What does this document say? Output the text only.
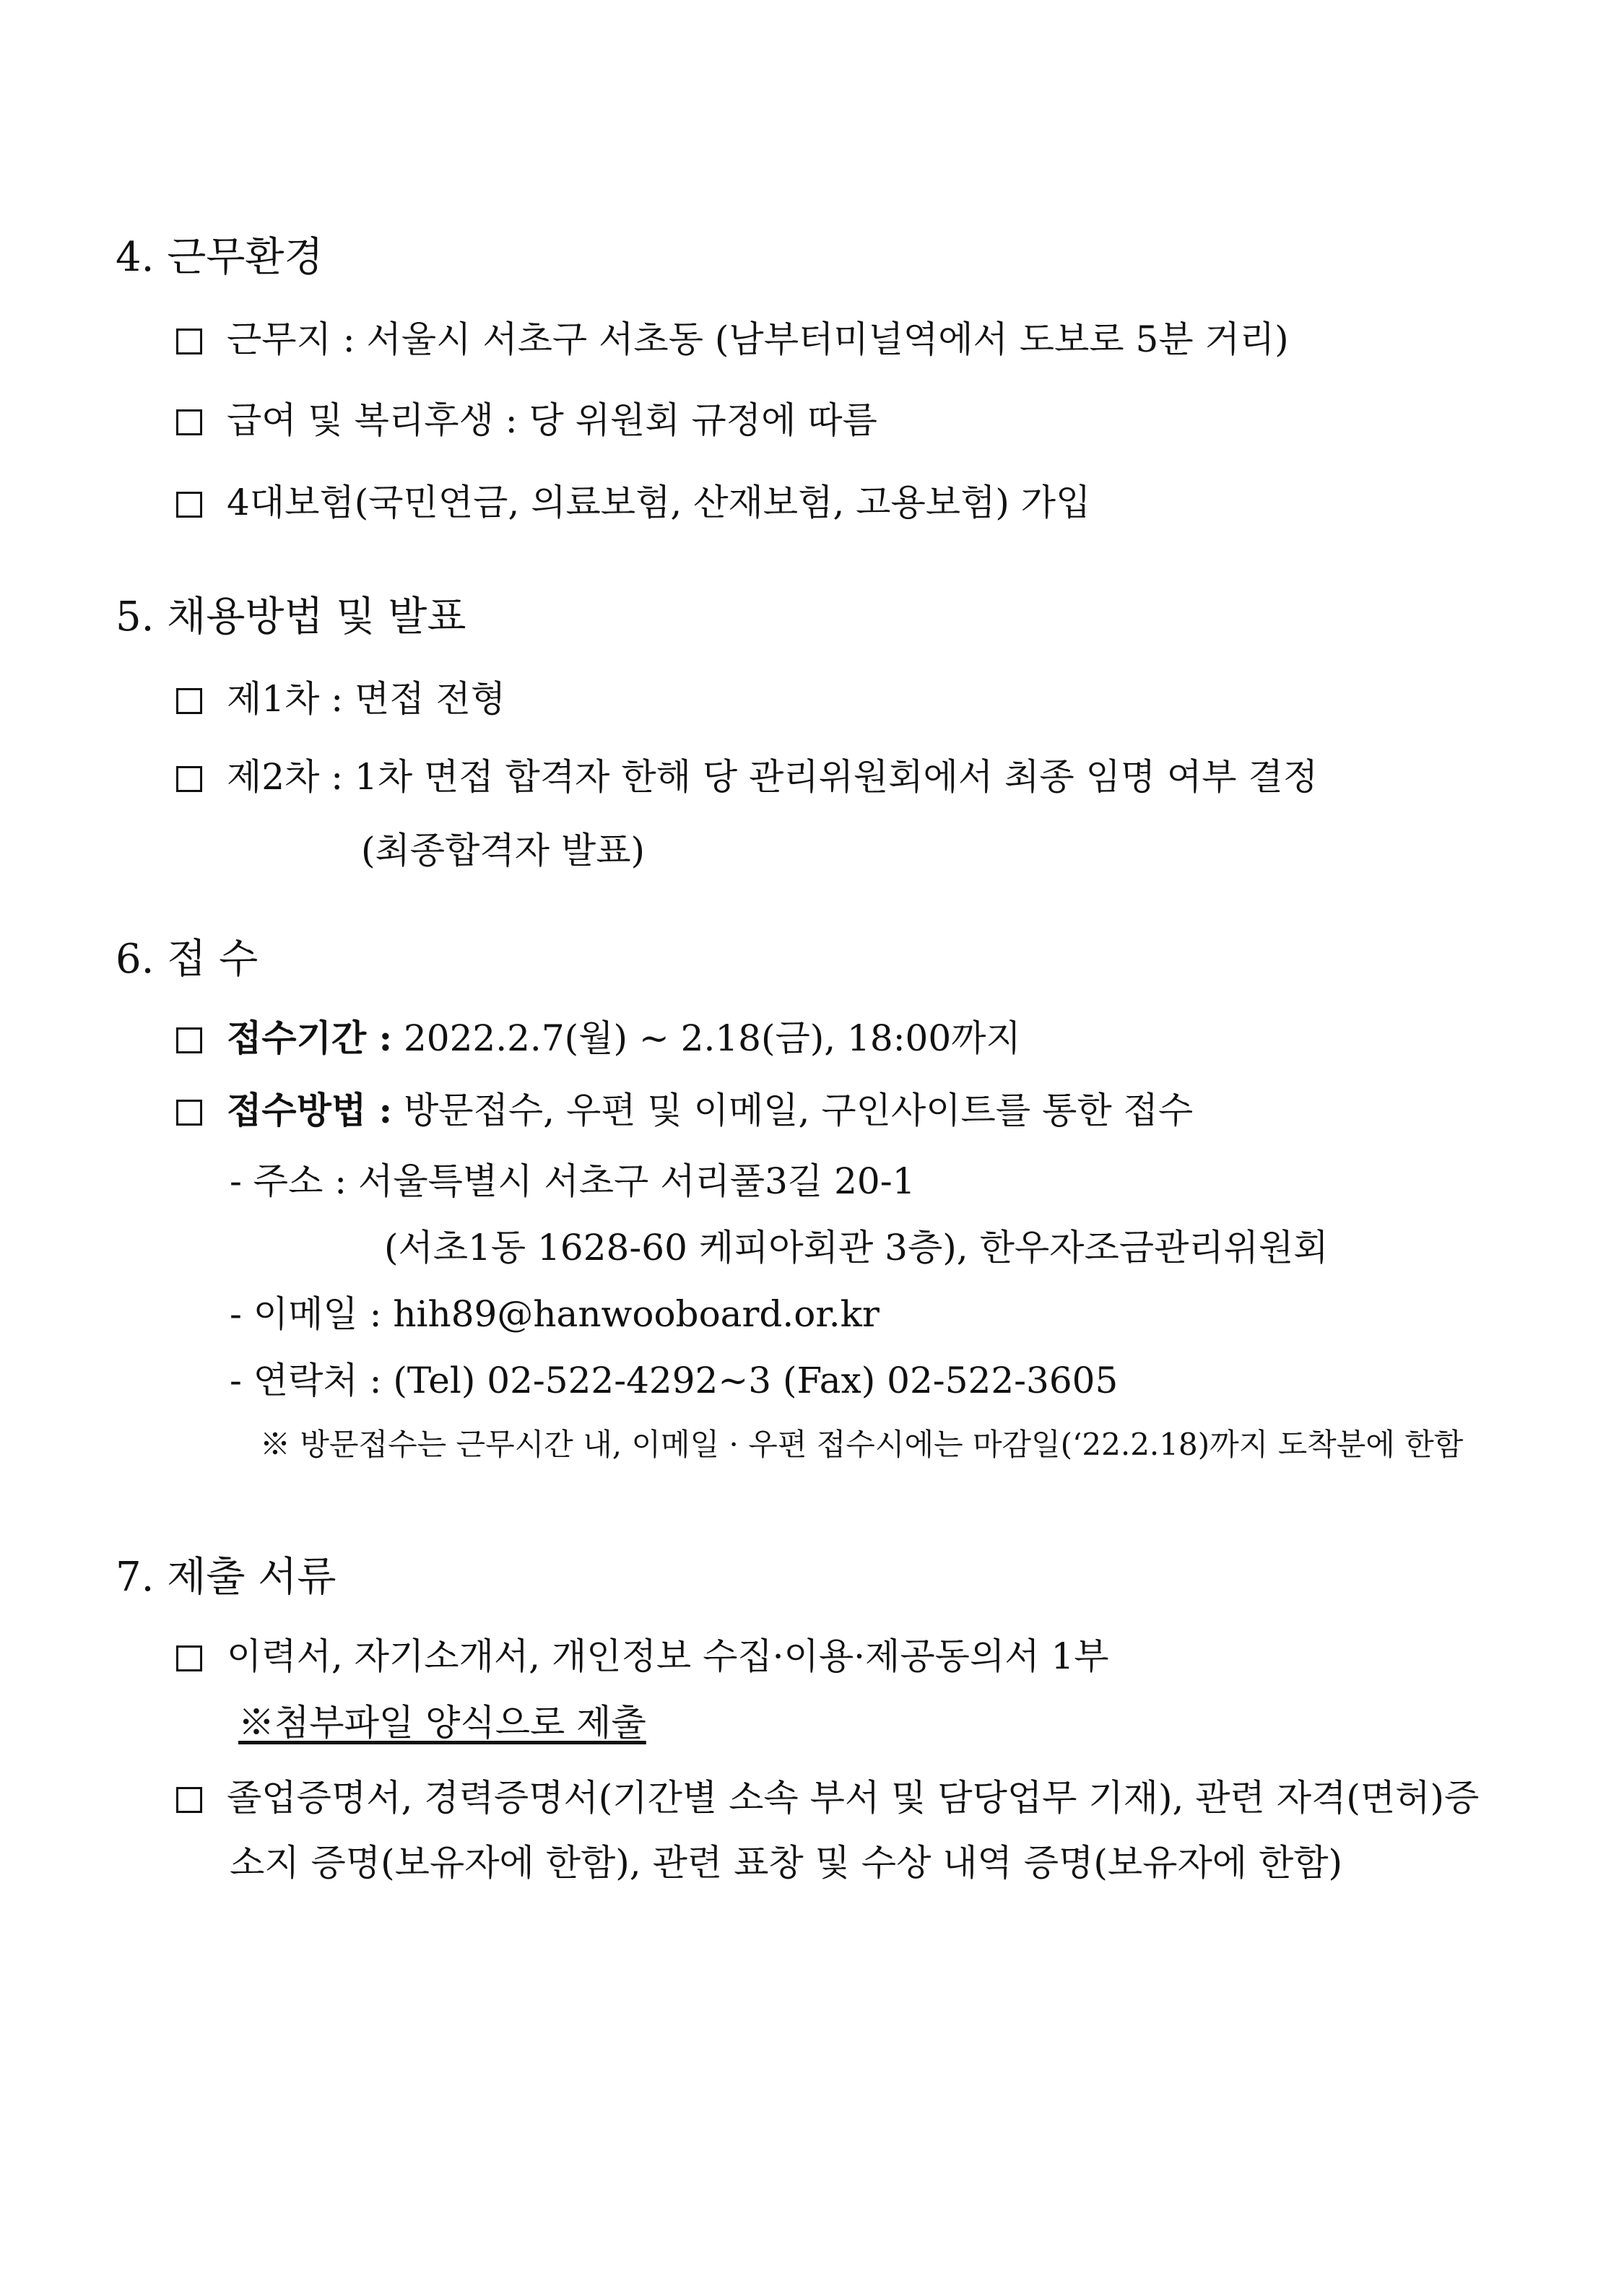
4. 근무환경
근무지 : 서울시 서초구 서초동 (남부터미널역에서 도보로 5분 거리)
급여 및 복리후생 : 당 위원회 규정에 따름
4대보험(국민연금, 의료보험, 산재보험, 고용보험) 가입
5. 채용방법 및 발표
제1차 : 면접 전형
제2차 : 1차 면접 합격자 한해 당 관리위원회에서 최종 임명 여부 결정
(최종합격자 발표)
6. 접 수
접수기간 : 2022.2.7(월) ~ 2.18(금), 18:00까지
접수방법 : 방문접수, 우편 및 이메일, 구인사이트를 통한 접수
- 주소 : 서울특별시 서초구 서리풀3길 20-1
(서초1동 1628-60 케피아회관 3층), 한우자조금관리위원회
- 이메일 : hih89@hanwooboard.or.kr
- 연락처 : (Tel) 02-522-4292~3 (Fax) 02-522-3605
※ 방문접수는 근무시간 내, 이메일 · 우편 접수시에는 마감일(‘22.2.18)까지 도착분에 한함
7. 제출 서류
이력서, 자기소개서, 개인정보 수집·이용·제공동의서 1부
※첨부파일 양식으로 제출
졸업증명서, 경력증명서(기간별 소속 부서 및 담당업무 기재), 관련 자격(면허)증
소지 증명(보유자에 한함), 관련 표창 및 수상 내역 증명(보유자에 한함)
